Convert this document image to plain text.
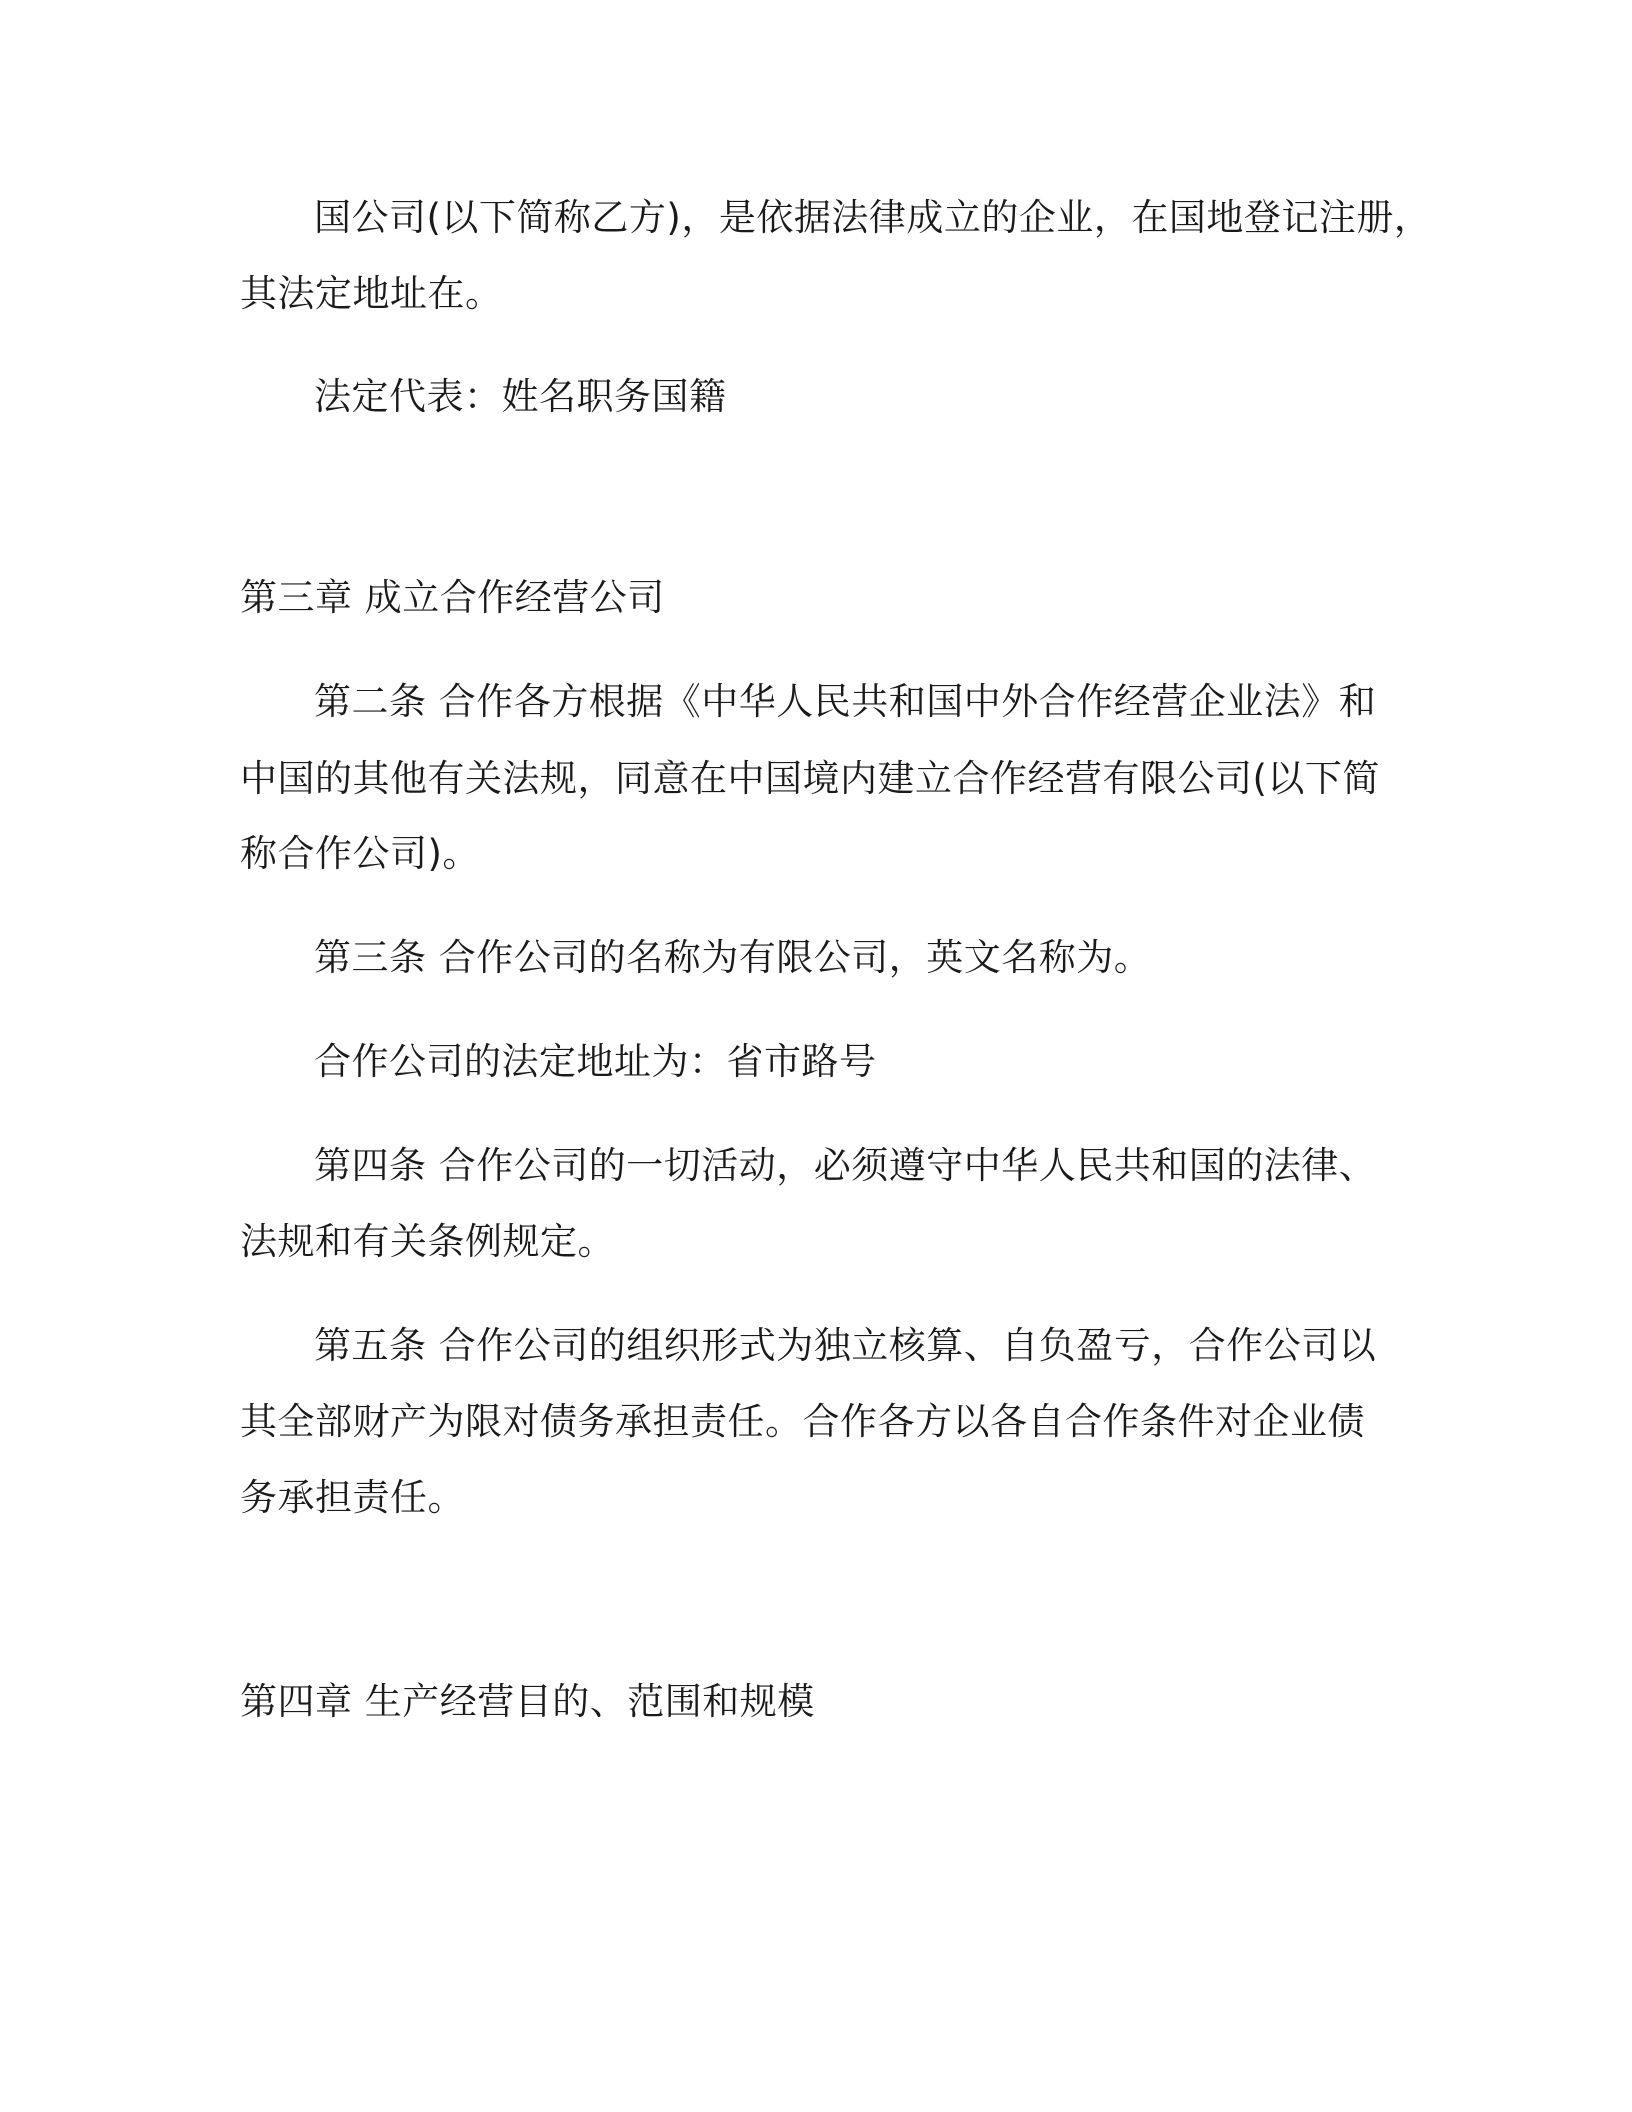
国公司(以下简称乙方)，是依据法律成立的企业，在国地登记注册，
其法定地址在。
法定代表：姓名职务国籍
第三章 成立合作经营公司
第二条 合作各方根据《中华人民共和国中外合作经营企业法》和
中国的其他有关法规，同意在中国境内建立合作经营有限公司(以下简
称合作公司)。
第三条 合作公司的名称为有限公司，英文名称为。
合作公司的法定地址为：省市路号
第四条 合作公司的一切活动，必须遵守中华人民共和国的法律、
法规和有关条例规定。
第五条 合作公司的组织形式为独立核算、自负盈亏，合作公司以
其全部财产为限对债务承担责任。合作各方以各自合作条件对企业债
务承担责任。
第四章 生产经营目的、范围和规模
